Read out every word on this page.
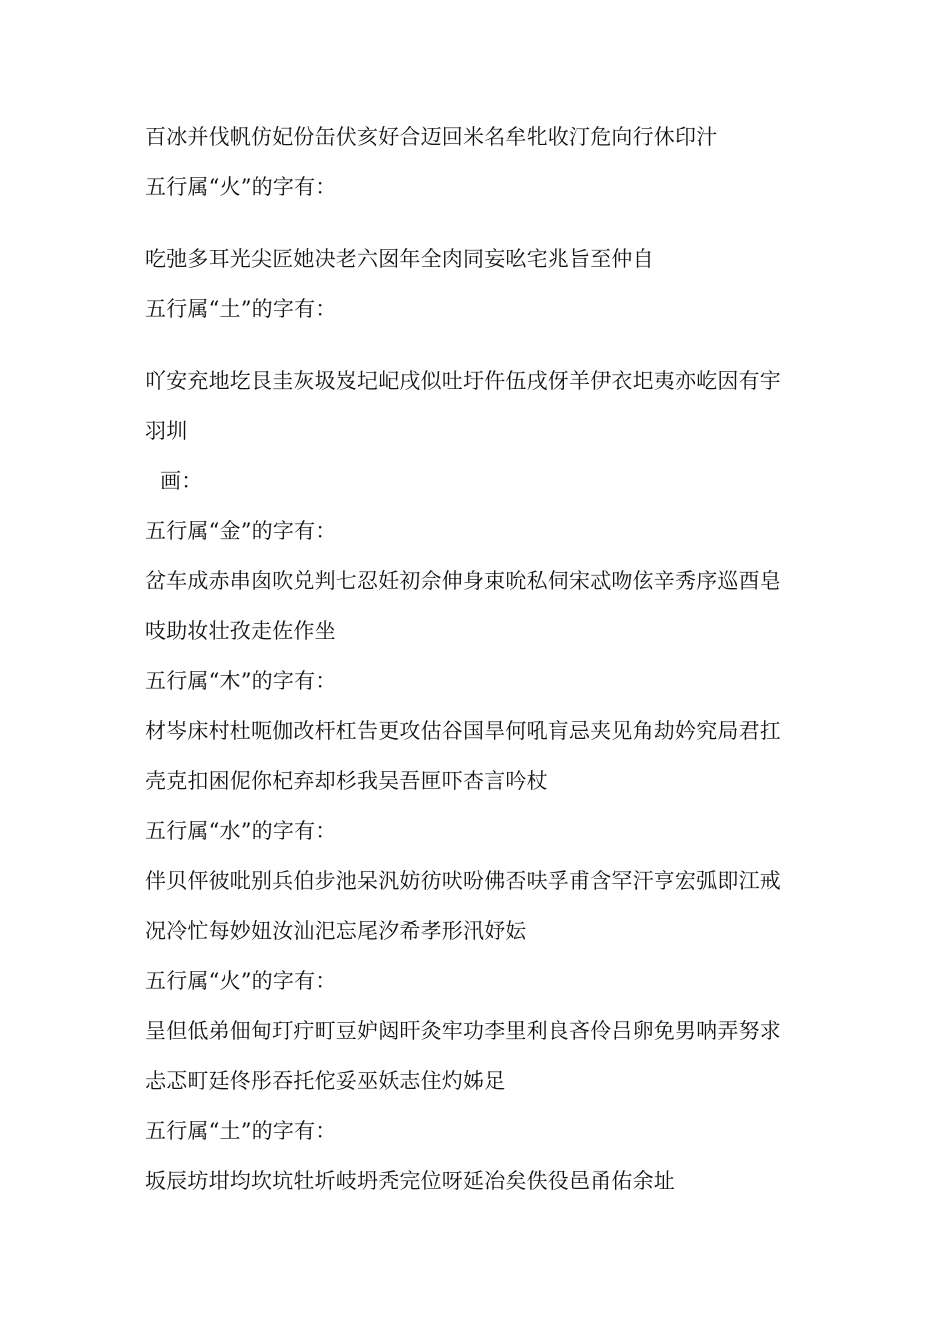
百冰并伐帆仿妃份缶伏亥好合迈回米名牟牝收汀危向行休印汁
五行属“火”的字有：
吃弛多耳光尖匠她决老六囡年全肉同妄吆宅兆旨至仲自
五行属“土”的字有：
吖安充地圪艮圭灰圾岌圮屺戌似吐圩仵伍戌伢羊伊衣圯夷亦屹因有宇
羽圳
画：
五行属“金”的字有：
岔车成赤串囱吹兑判七忍妊初佘伸身束吮私伺宋忒吻伭辛秀序巡酉皂
吱助妆壮孜走佐作坐
五行属“木”的字有：
材岑床村杜呃伽改杆杠告更攻估谷国旱何吼肓忌夹见角劫妗究局君扛
壳克扣困伲你杞弃却杉我吴吾匣吓杏言吟杖
五行属“水”的字有：
伴贝伻彼吡别兵伯步池呆汎妨彷吠吩佛否呋孚甫含罕汗亨宏弧即江戒
况冷忙每妙妞汝汕汜忘尾汐希孝形汛妤妘
五行属“火”的字有：
呈但低弟佃甸玎疔町豆妒闼旰灸牢功李里利良吝伶吕卵免男呐弄努求
忐忑町廷佟彤吞托佗妥巫妖志住灼姊足
五行属“土”的字有：
坂辰坊坩均坎坑牡圻岐坍秃完位呀延冶矣佚役邑甬佑余址
